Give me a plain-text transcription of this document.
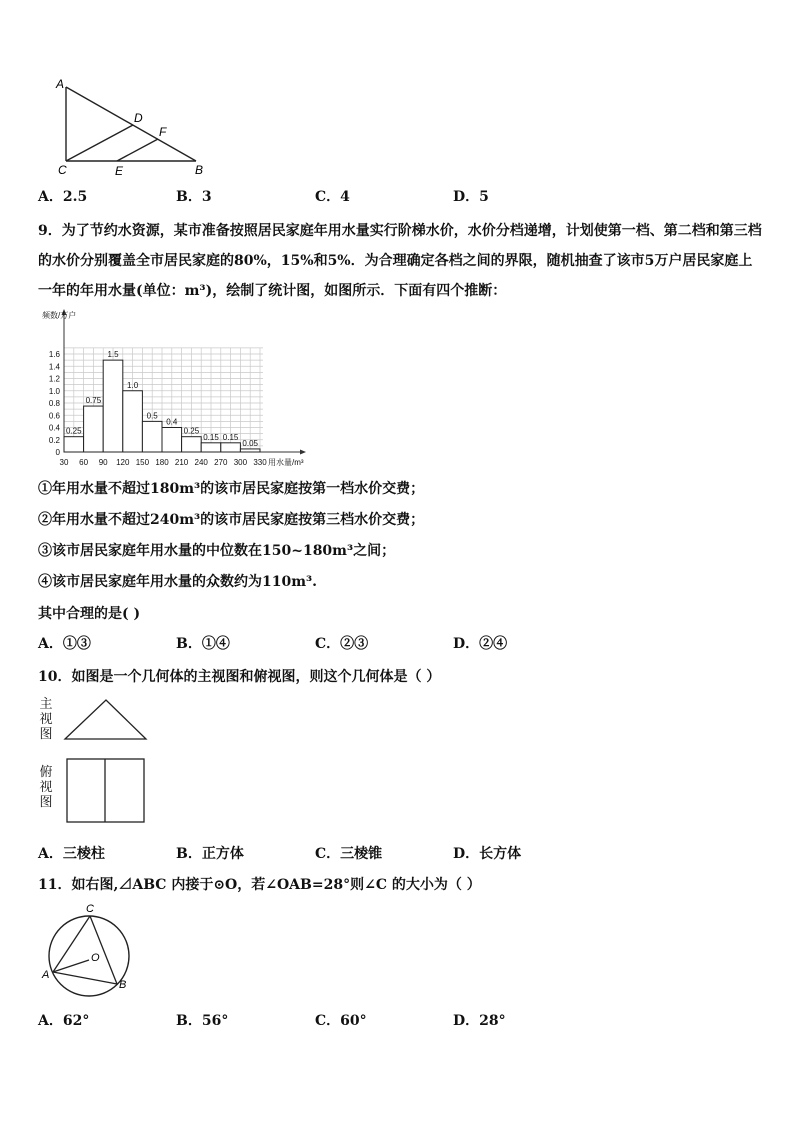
A
D
F
C	E	B
A．2.5	B．3	C．4	D．5
9．为了节约水资源，某市准备按照居民家庭年用水量实行阶梯水价，水价分档递增，计划使第一档、第二档和第三档
的水价分别覆盖全市居民家庭的80%，15%和5%．为合理确定各档之间的界限，随机抽查了该市5万户居民家庭上
一年的年用水量(单位：m³)，绘制了统计图，如图所示．下面有四个推断：
0.25
0.75
1.5
1.0
0.5
0.4
0.25
0.15 0.15
0.05
0.2
0.4
0.6
0.8
1.0
1.2
1.4
1.6
0
30 60 90 120 150 180 210 240 270 300 330
频数/万户
用水量/m³
①年用水量不超过180m³的该市居民家庭按第一档水价交费；
②年用水量不超过240m³的该市居民家庭按第三档水价交费；
③该市居民家庭年用水量的中位数在150~180m³之间；
④该市居民家庭年用水量的众数约为110m³.
其中合理的是( )
A．①③	B．①④	C．②③	D．②④
10．如图是一个几何体的主视图和俯视图，则这个几何体是（ ）
主
视
图
俯
视
图
A．三棱柱	B．正方体	C．三棱锥	D．长方体
11．如右图,⊿ABC 内接于⊙O，若∠OAB=28°则∠C 的大小为（ ）
C
O
A
B
A．62°	B．56°	C．60°	D．28°
